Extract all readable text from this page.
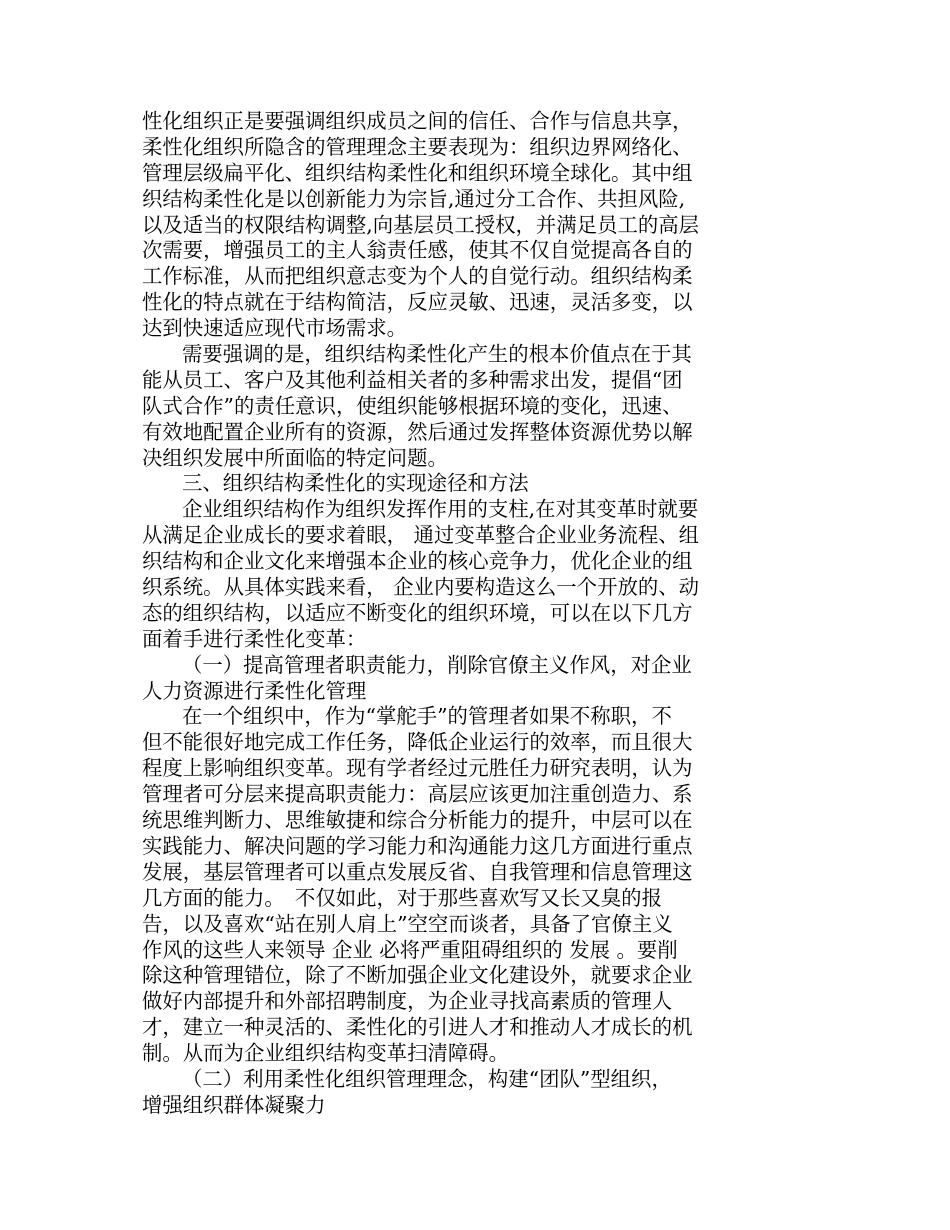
性化组织正是要强调组织成员之间的信任、合作与信息共享，
柔性化组织所隐含的管理理念主要表现为：组织边界网络化、
管理层级扁平化、组织结构柔性化和组织环境全球化。其中组
织结构柔性化是以创新能力为宗旨,通过分工合作、共担风险,
以及适当的权限结构调整,向基层员工授权，并满足员工的高层
次需要，增强员工的主人翁责任感，使其不仅自觉提高各自的
工作标准，从而把组织意志变为个人的自觉行动。组织结构柔
性化的特点就在于结构简洁，反应灵敏、迅速，灵活多变，以
达到快速适应现代市场需求。
需要强调的是，组织结构柔性化产生的根本价值点在于其
能从员工、客户及其他利益相关者的多种需求出发，提倡“团
队式合作”的责任意识，使组织能够根据环境的变化，迅速、
有效地配置企业所有的资源，然后通过发挥整体资源优势以解
决组织发展中所面临的特定问题。
三、组织结构柔性化的实现途径和方法
企业组织结构作为组织发挥作用的支柱,在对其变革时就要
从满足企业成长的要求着眼， 通过变革整合企业业务流程、组
织结构和企业文化来增强本企业的核心竞争力，优化企业的组
织系统。从具体实践来看， 企业内要构造这么一个开放的、动
态的组织结构，以适应不断变化的组织环境，可以在以下几方
面着手进行柔性化变革：
（一）提高管理者职责能力，削除官僚主义作风，对企业
人力资源进行柔性化管理
在一个组织中，作为“掌舵手”的管理者如果不称职，不
但不能很好地完成工作任务，降低企业运行的效率，而且很大
程度上影响组织变革。现有学者经过元胜任力研究表明，认为
管理者可分层来提高职责能力：高层应该更加注重创造力、系
统思维判断力、思维敏捷和综合分析能力的提升，中层可以在
实践能力、解决问题的学习能力和沟通能力这几方面进行重点
发展，基层管理者可以重点发展反省、自我管理和信息管理这
几方面的能力。　不仅如此，对于那些喜欢写又长又臭的报
告，以及喜欢“站在别人肩上”空空而谈者，具备了官僚主义
作风的这些人来领导 企业 必将严重阻碍组织的 发展 。要削
除这种管理错位，除了不断加强企业文化建设外，就要求企业
做好内部提升和外部招聘制度，为企业寻找高素质的管理人
才，建立一种灵活的、柔性化的引进人才和推动人才成长的机
制。从而为企业组织结构变革扫清障碍。
（二）利用柔性化组织管理理念，构建“团队”型组织，
增强组织群体凝聚力
